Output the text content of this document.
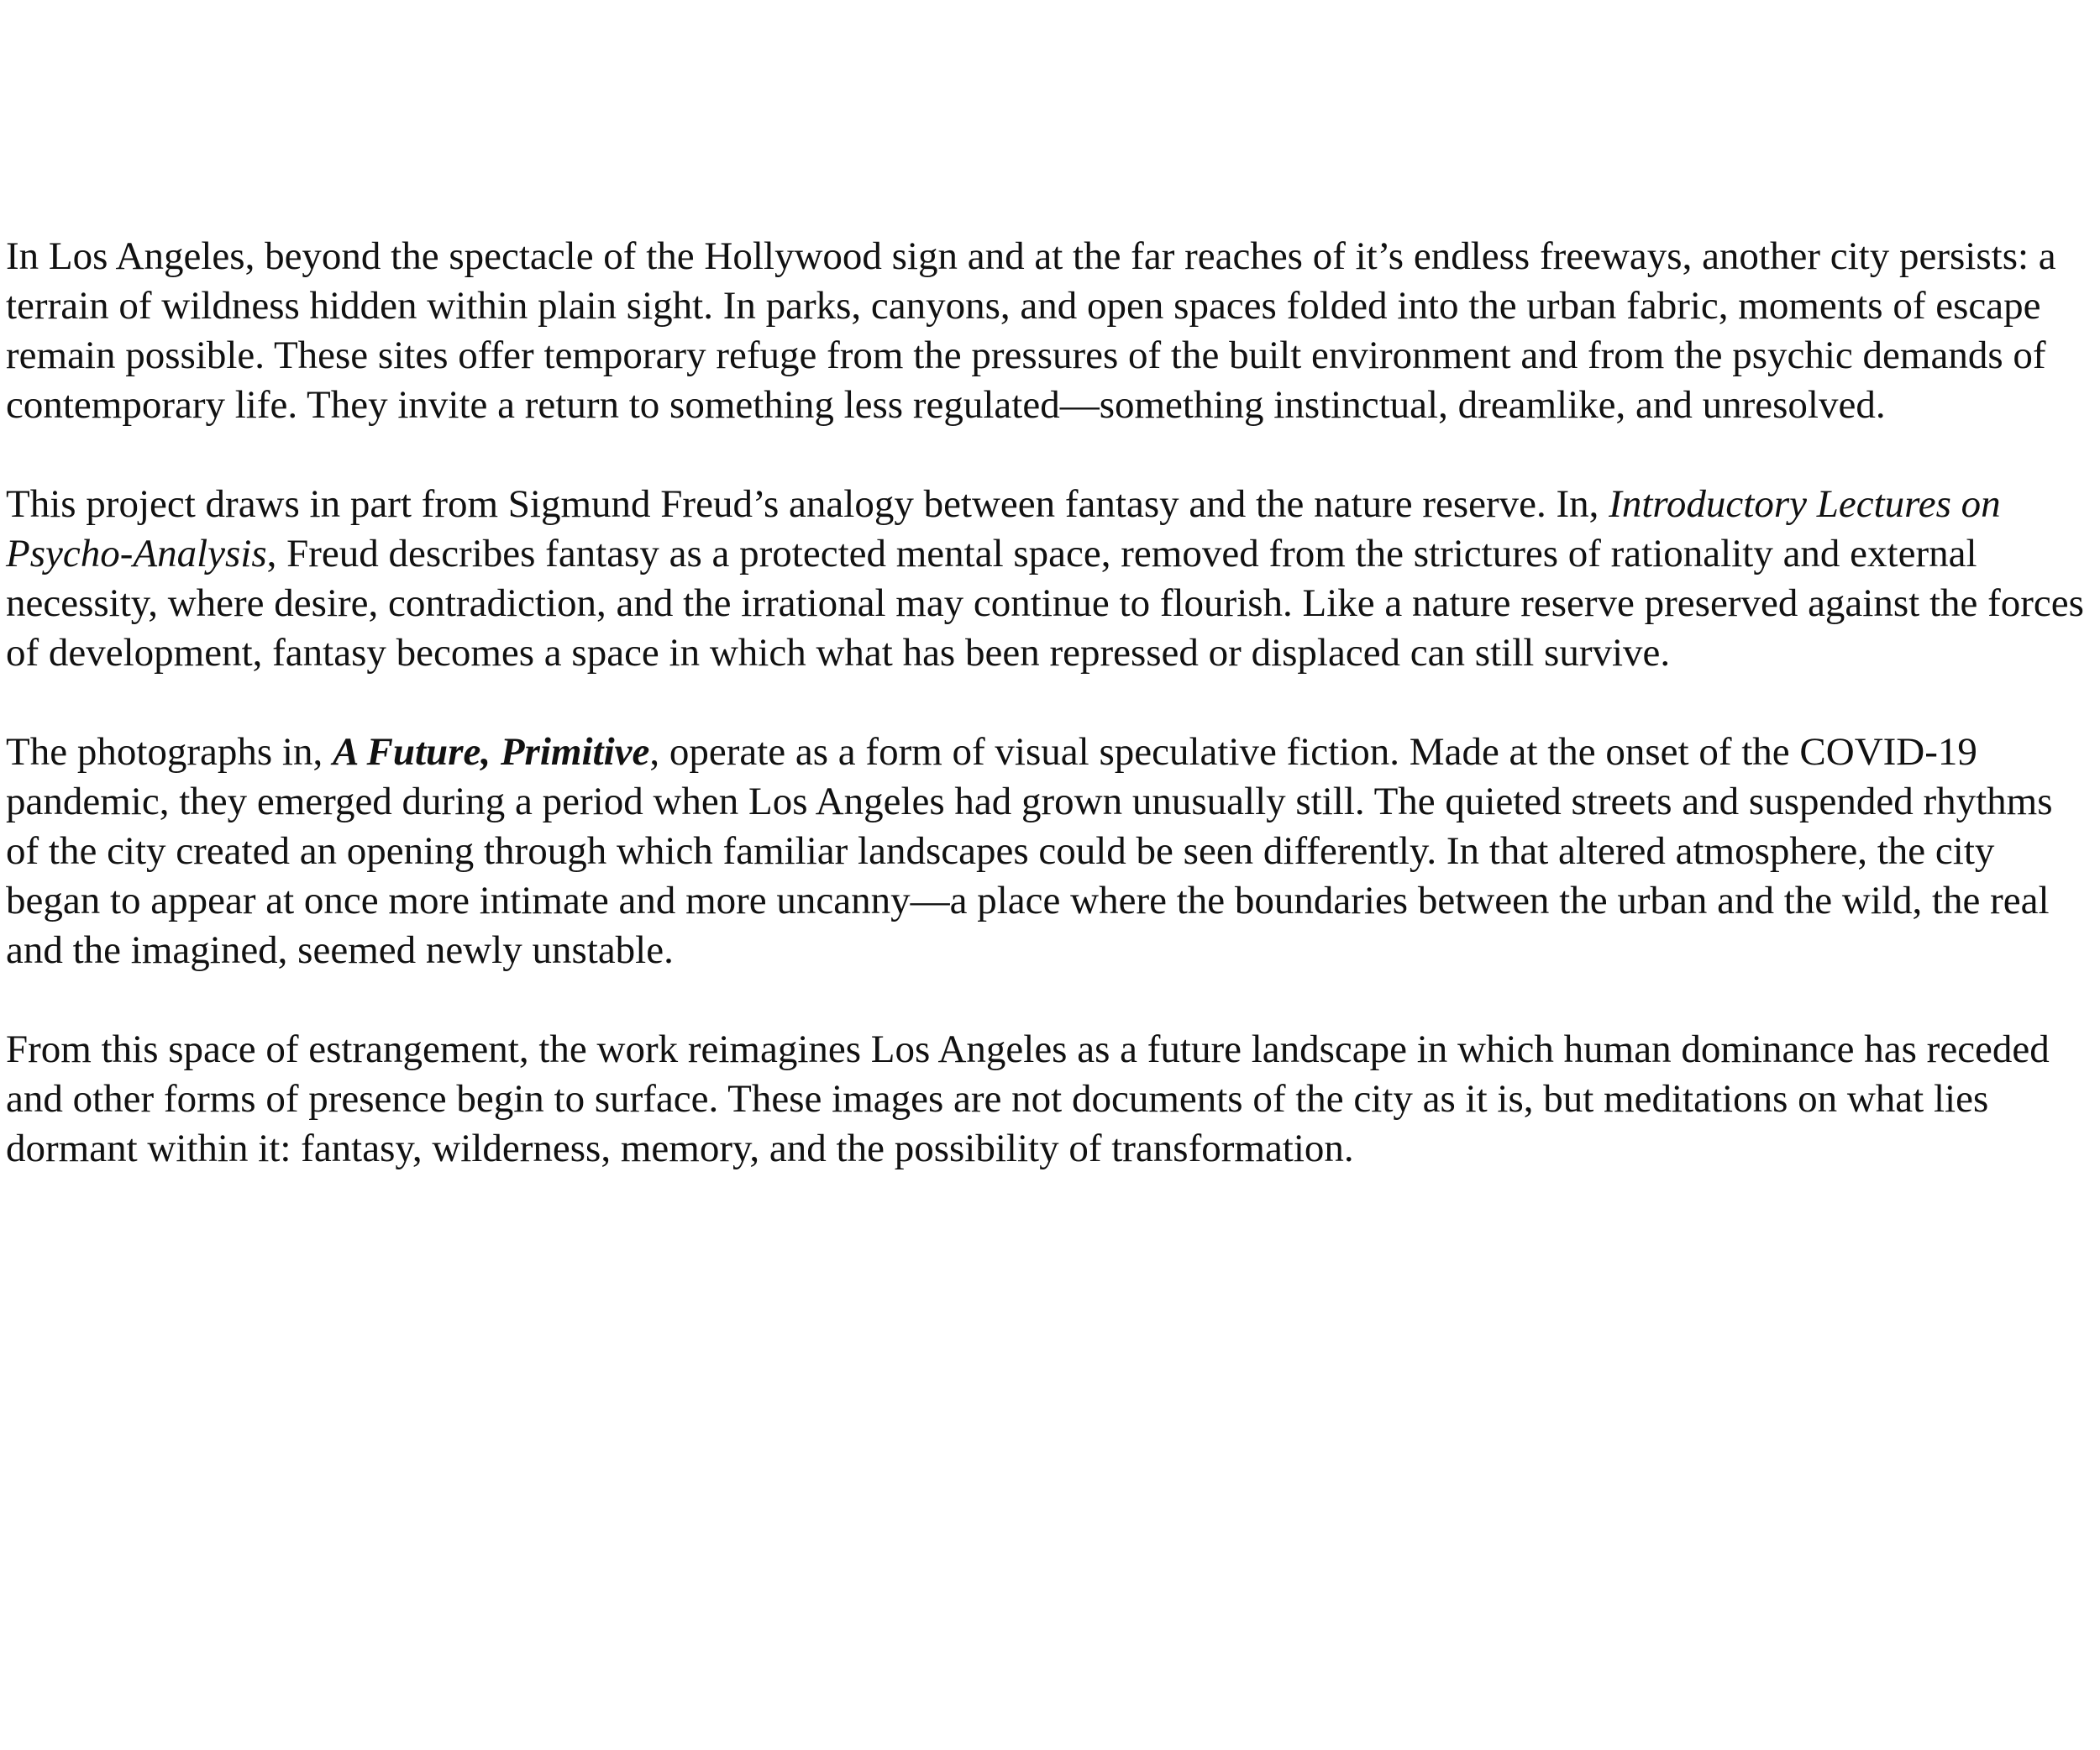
In Los Angeles, beyond the spectacle of the Hollywood sign and at the far reaches of it’s endless freeways, another city persists: a terrain of wildness hidden within plain sight. In parks, canyons, and open spaces folded into the urban fabric, moments of escape remain possible. These sites offer temporary refuge from the pressures of the built environment and from the psychic demands of contemporary life. They invite a return to something less regulated—something instinctual, dreamlike, and unresolved.

This project draws in part from Sigmund Freud’s analogy between fantasy and the nature reserve. In, Introductory Lectures on Psycho-Analysis, Freud describes fantasy as a protected mental space, removed from the strictures of rationality and external necessity, where desire, contradiction, and the irrational may continue to flourish. Like a nature reserve preserved against the forces of development, fantasy becomes a space in which what has been repressed or displaced can still survive.

The photographs in, A Future, Primitive, operate as a form of visual speculative fiction. Made at the onset of the COVID-19 pandemic, they emerged during a period when Los Angeles had grown unusually still. The quieted streets and suspended rhythms of the city created an opening through which familiar landscapes could be seen differently. In that altered atmosphere, the city began to appear at once more intimate and more uncanny—a place where the boundaries between the urban and the wild, the real and the imagined, seemed newly unstable.

From this space of estrangement, the work reimagines Los Angeles as a future landscape in which human dominance has receded and other forms of presence begin to surface. These images are not documents of the city as it is, but meditations on what lies dormant within it: fantasy, wilderness, memory, and the possibility of transformation.
